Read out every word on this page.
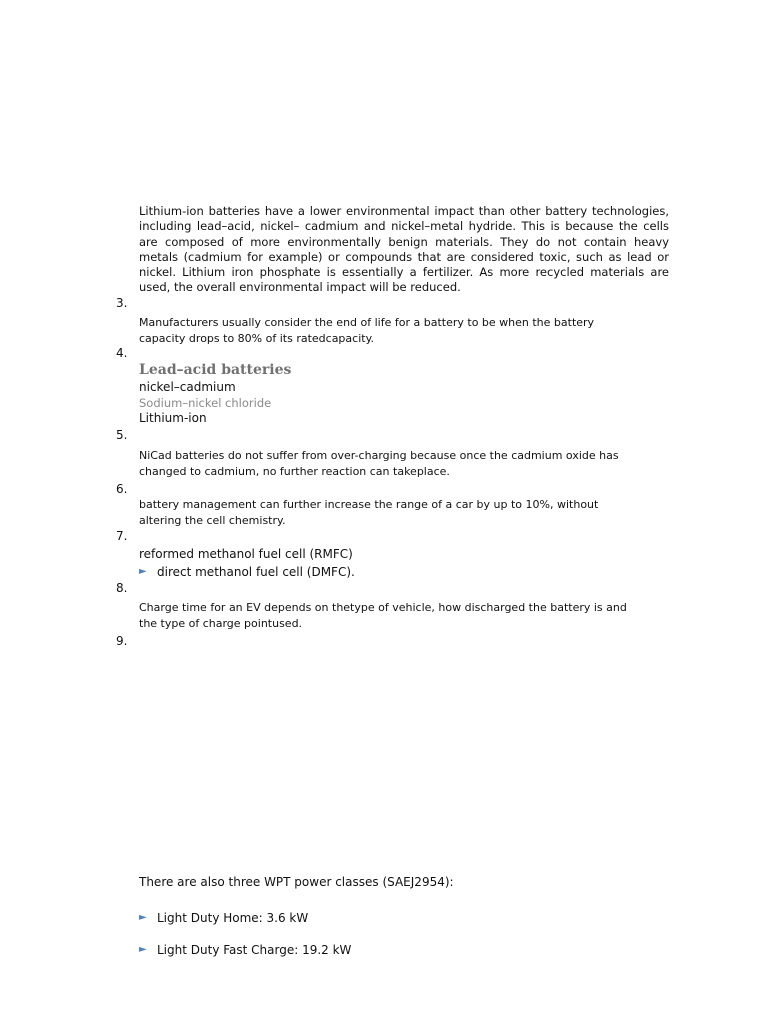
Lithium-ion batteries have a lower environmental impact than other battery technologies, including lead–acid, nickel– cadmium and nickel–metal hydride. This is because the cells are composed of more environmentally benign materials. They do not contain heavy metals (cadmium for example) or compounds that are considered toxic, such as lead or nickel. Lithium iron phosphate is essentially a fertilizer. As more recycled materials are used, the overall environmental impact will be reduced.
3.
Manufacturers usually consider the end of life for a battery to be when the battery capacity drops to 80% of its ratedcapacity.
4.
Lead–acid batteries
nickel–cadmium
Sodium–nickel chloride
Lithium-ion
5.
NiCad batteries do not suffer from over-charging because once the cadmium oxide has changed to cadmium, no further reaction can takeplace.
6.
battery management can further increase the range of a car by up to 10%, without altering the cell chemistry.
7.
reformed methanol fuel cell (RMFC)
► direct methanol fuel cell (DMFC).
8.
Charge time for an EV depends on thetype of vehicle, how discharged the battery is and the type of charge pointused.
9.
There are also three WPT power classes (SAEJ2954):
► Light Duty Home: 3.6 kW
► Light Duty Fast Charge: 19.2 kW
